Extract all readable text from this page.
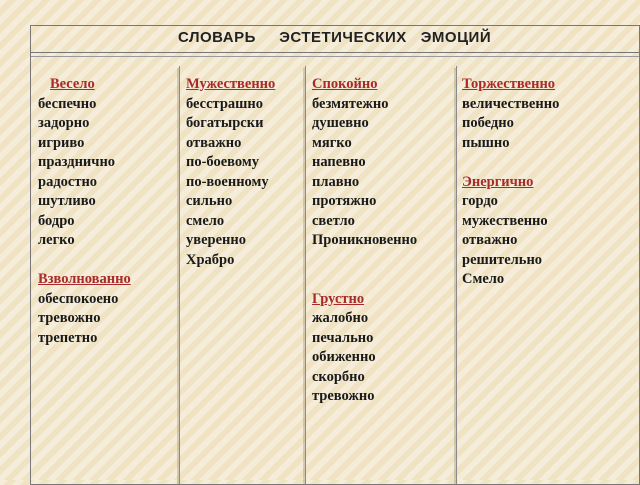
СЛОВАРЬ     ЭСТЕТИЧЕСКИХ   ЭМОЦИЙ
Весело
беспечно
задорно
игриво
празднично
радостно
шутливо
бодро
легко
Взволнованно
обеспокоено
тревожно
трепетно
Мужественно
бесстрашно
богатырски
отважно
по-боевому
по-военному
сильно
смело
уверенно
Храбро
Спокойно
безмятежно
душевно
мягко
напевно
плавно
протяжно
светло
Проникновенно
Грустно
жалобно
печально
обиженно
скорбно
тревожно
Торжественно
величественно
победно
пышно
Энергично
гордо
мужественно
отважно
решительно
Смело
